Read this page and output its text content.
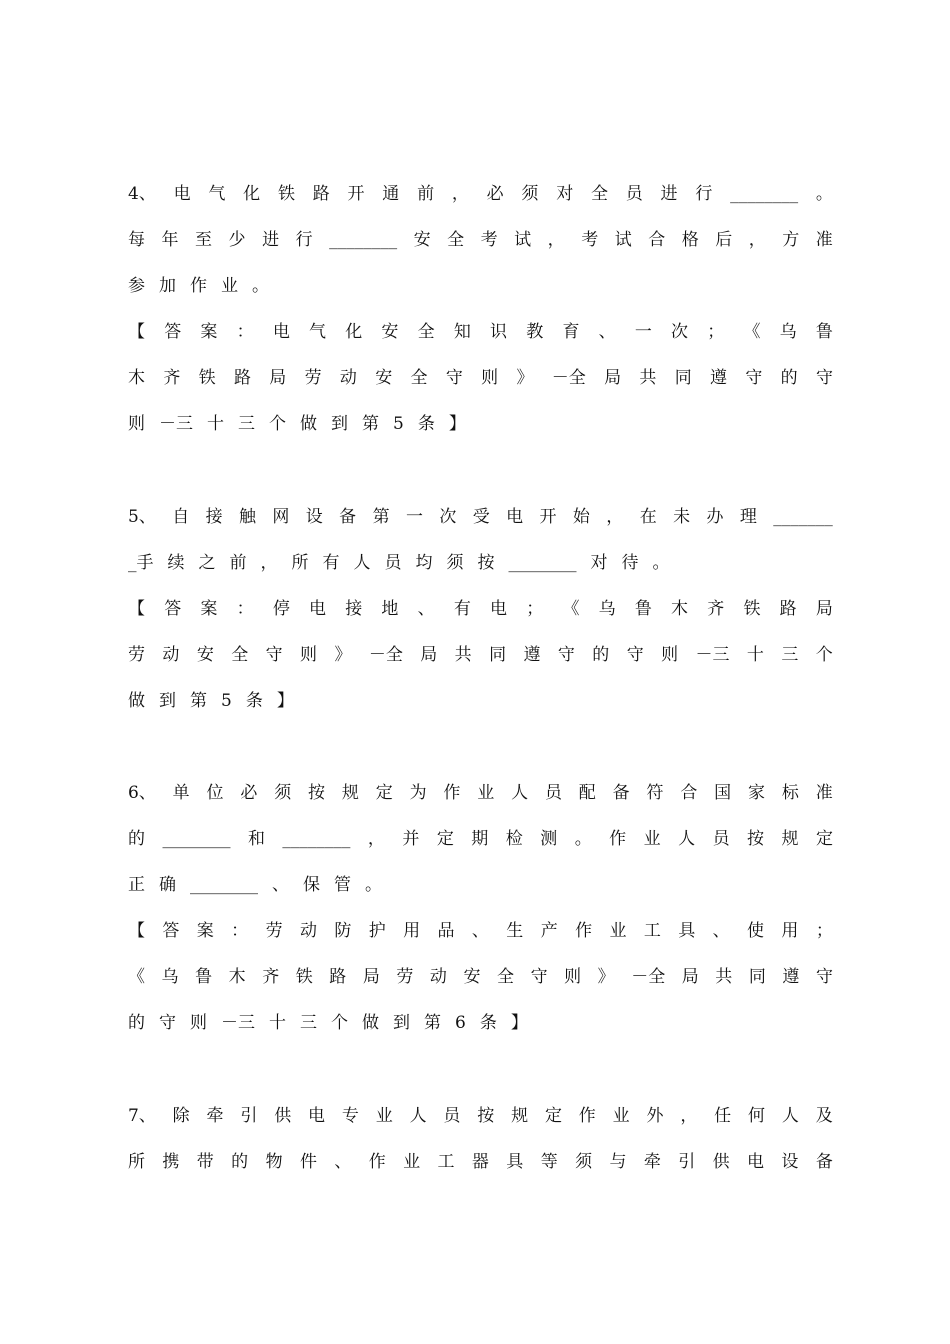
4、 电 气 化 铁 路 开 通 前 ， 必 须 对 全 员 进 行 ________ 。
每 年 至 少 进 行 ________ 安 全 考 试 ， 考 试 合 格 后 ， 方 准
参 加 作 业 。
【 答 案 ： 电 气 化 安 全 知 识 教 育 、 一 次 ； 《 乌 鲁
木 齐 铁 路 局 劳 动 安 全 守 则 》 －全 局 共 同 遵 守 的 守
则 －三 十 三 个 做 到 第 5 条 】
5、 自 接 触 网 设 备 第 一 次 受 电 开 始 ， 在 未 办 理 _______
_手 续 之 前 ， 所 有 人 员 均 须 按 ________ 对 待 。
【 答 案 ： 停 电 接 地 、 有 电 ； 《 乌 鲁 木 齐 铁 路 局
劳 动 安 全 守 则 》 －全 局 共 同 遵 守 的 守 则 －三 十 三 个
做 到 第 5 条 】
6、 单 位 必 须 按 规 定 为 作 业 人 员 配 备 符 合 国 家 标 准
的 ________ 和 ________ ， 并 定 期 检 测 。 作 业 人 员 按 规 定
正 确 ________ 、 保 管 。
【 答 案 ： 劳 动 防 护 用 品 、 生 产 作 业 工 具 、 使 用 ；
《 乌 鲁 木 齐 铁 路 局 劳 动 安 全 守 则 》 －全 局 共 同 遵 守
的 守 则 －三 十 三 个 做 到 第 6 条 】
7、 除 牵 引 供 电 专 业 人 员 按 规 定 作 业 外 ， 任 何 人 及
所 携 带 的 物 件 、 作 业 工 器 具 等 须 与 牵 引 供 电 设 备
